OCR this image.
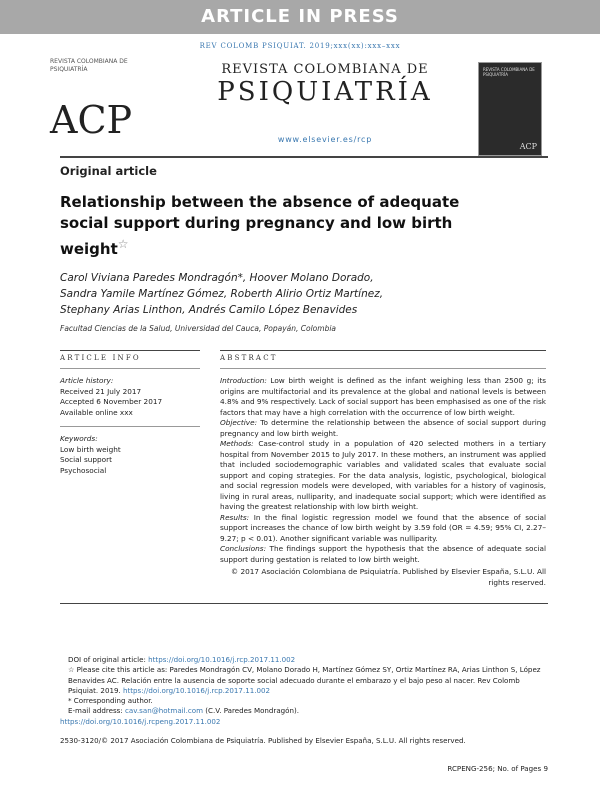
ARTICLE IN PRESS
REV COLOMB PSIQUIAT. 2019;xxx(xx):xxx–xxx
REVISTA COLOMBIANA DE PSIQUIATRÍA
ACP
REVISTA COLOMBIANA DE
PSIQUIATRÍA
www.elsevier.es/rcp
REVISTA COLOMBIANA DE PSIQUIATRÍA
ACP
Original article
Relationship between the absence of adequate social support during pregnancy and low birth weight☆
Carol Viviana Paredes Mondragón*, Hoover Molano Dorado,
Sandra Yamile Martínez Gómez, Roberth Alirio Ortiz Martínez,
Stephany Arias Linthon, Andrés Camilo López Benavides
Facultad Ciencias de la Salud, Universidad del Cauca, Popayán, Colombia
ARTICLE INFO	ABSTRACT
Article history:
Received 21 July 2017
Accepted 6 November 2017
Available online xxx
Keywords:
Low birth weight
Social support
Psychosocial

Introduction: Low birth weight is defined as the infant weighing less than 2500 g; its origins are multifactorial and its prevalence at the global and national levels is between 4.8% and 9% respectively. Lack of social support has been emphasised as one of the risk factors that may have a high correlation with the occurrence of low birth weight.

Objective: To determine the relationship between the absence of social support during pregnancy and low birth weight.

Methods: Case-control study in a population of 420 selected mothers in a tertiary hospital from November 2015 to July 2017. In these mothers, an instrument was applied that included sociodemographic variables and validated scales that evaluate social support and coping strategies. For the data analysis, logistic, psychological, biological and social regression models were developed, with variables for a history of vaginosis, living in rural areas, nulliparity, and inadequate social support; which were identified as having the greatest relationship with low birth weight.

Results: In the final logistic regression model we found that the absence of social support increases the chance of low birth weight by 3.59 fold (OR = 4.59; 95% CI, 2.27–9.27; p < 0.01). Another significant variable was nulliparity.

Conclusions: The findings support the hypothesis that the absence of adequate social support during gestation is related to low birth weight.

© 2017 Asociación Colombiana de Psiquiatría. Published by Elsevier España, S.L.U. All rights reserved.

DOI of original article: https://doi.org/10.1016/j.rcp.2017.11.002

☆ Please cite this article as: Paredes Mondragón CV, Molano Dorado H, Martínez Gómez SY, Ortiz Martínez RA, Arias Linthon S, López Benavides AC. Relación entre la ausencia de soporte social adecuado durante el embarazo y el bajo peso al nacer. Rev Colomb Psiquiat. 2019. https://doi.org/10.1016/j.rcp.2017.11.002

* Corresponding author.

E-mail address: cav.san@hotmail.com (C.V. Paredes Mondragón).

https://doi.org/10.1016/j.rcpeng.2017.11.002

2530-3120/© 2017 Asociación Colombiana de Psiquiatría. Published by Elsevier España, S.L.U. All rights reserved.
RCPENG-256; No. of Pages 9
